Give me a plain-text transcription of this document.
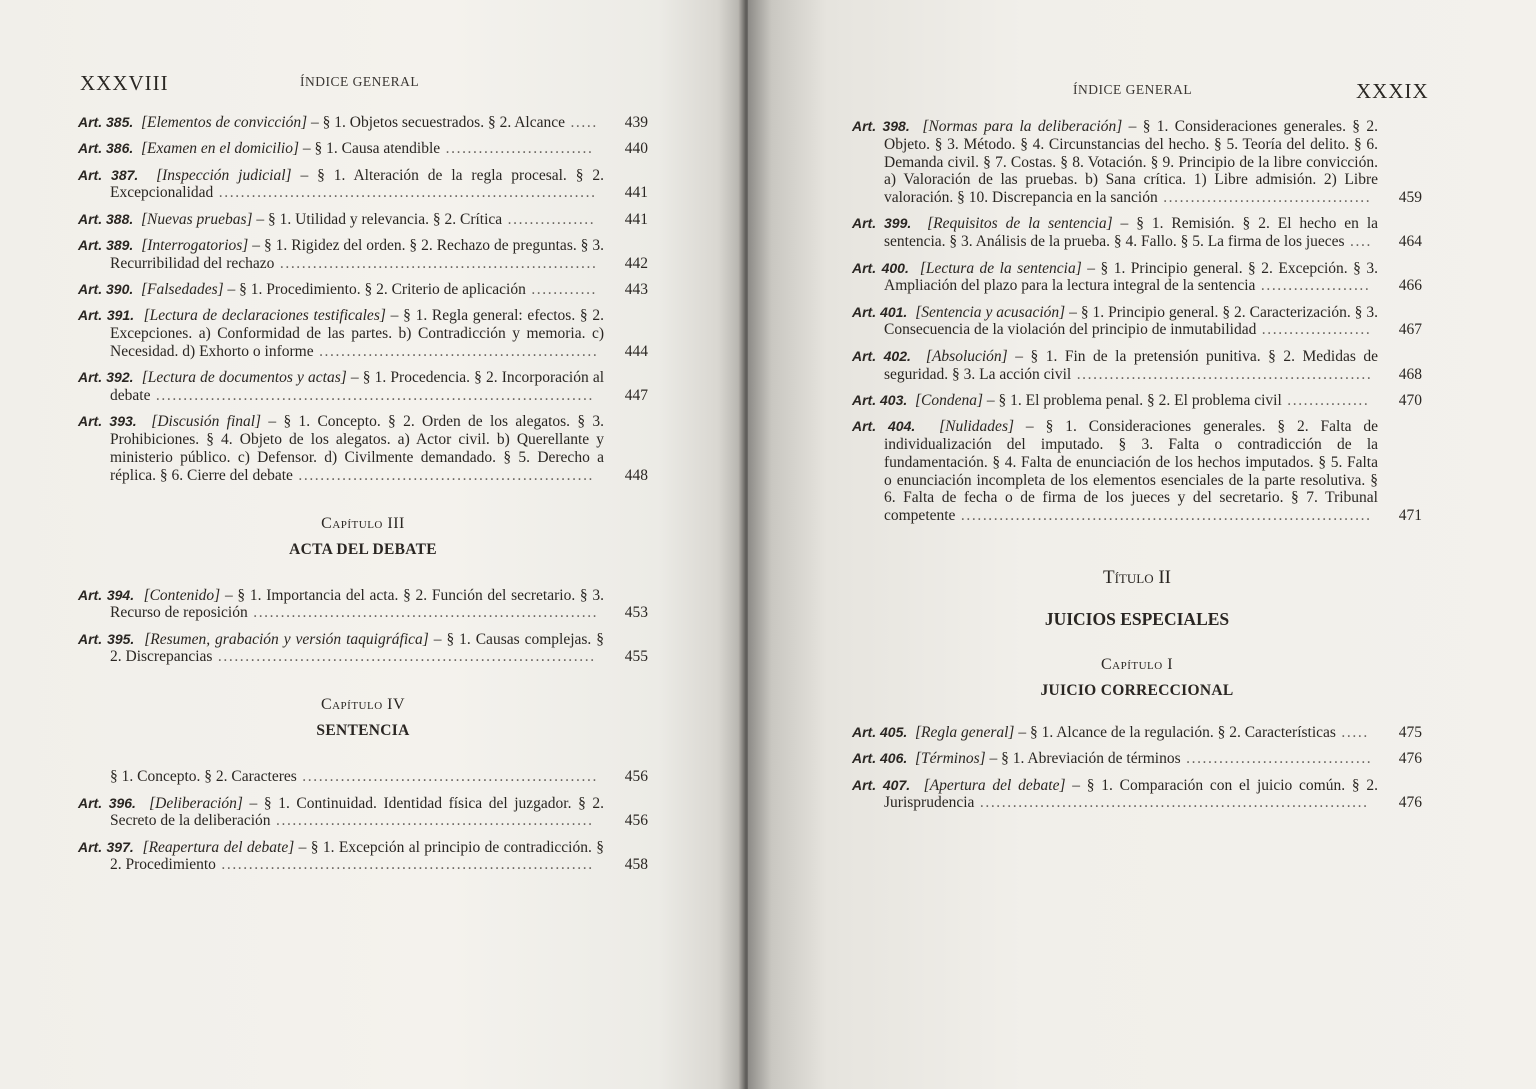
XXXVIII	ÍNDICE GENERAL
Art. 385. [Elementos de convicción] – § 1. Objetos secuestrados. § 2. Alcance .....	439
Art. 386. [Examen en el domicilio] – § 1. Causa atendible ...........................	440
Art. 387. [Inspección judicial] – § 1. Alteración de la regla procesal. § 2. Excepcionalidad .....................................................................	441
Art. 388. [Nuevas pruebas] – § 1. Utilidad y relevancia. § 2. Crítica ................	441
Art. 389. [Interrogatorios] – § 1. Rigidez del orden. § 2. Rechazo de preguntas. § 3. Recurribilidad del rechazo ..........................................................	442
Art. 390. [Falsedades] – § 1. Procedimiento. § 2. Criterio de aplicación ............	443
Art. 391. [Lectura de declaraciones testificales] – § 1. Regla general: efectos. § 2. Excepciones. a) Conformidad de las partes. b) Contradicción y memoria. c) Necesidad. d) Exhorto o informe ...................................................	444
Art. 392. [Lectura de documentos y actas] – § 1. Procedencia. § 2. Incorporación al debate ................................................................................	447
Art. 393. [Discusión final] – § 1. Concepto. § 2. Orden de los alegatos. § 3. Prohibiciones. § 4. Objeto de los alegatos. a) Actor civil. b) Querellante y ministerio público. c) Defensor. d) Civilmente demandado. § 5. Derecho a réplica. § 6. Cierre del debate ......................................................	448
Capítulo III
ACTA DEL DEBATE
Art. 394. [Contenido] – § 1. Importancia del acta. § 2. Función del secretario. § 3. Recurso de reposición ...............................................................	453
Art. 395. [Resumen, grabación y versión taquigráfica] – § 1. Causas complejas. § 2. Discrepancias .....................................................................	455
Capítulo IV
SENTENCIA
§ 1. Concepto. § 2. Caracteres ......................................................	456
Art. 396. [Deliberación] – § 1. Continuidad. Identidad física del juzgador. § 2. Secreto de la deliberación ..........................................................	456
Art. 397. [Reapertura del debate] – § 1. Excepción al principio de contradicción. § 2. Procedimiento ....................................................................	458
ÍNDICE GENERAL	XXXIX
Art. 398. [Normas para la deliberación] – § 1. Consideraciones generales. § 2. Objeto. § 3. Método. § 4. Circunstancias del hecho. § 5. Teoría del delito. § 6. Demanda civil. § 7. Costas. § 8. Votación. § 9. Principio de la libre convicción. a) Valoración de las pruebas. b) Sana crítica. 1) Libre admisión. 2) Libre valoración. § 10. Discrepancia en la sanción ......................................	459
Art. 399. [Requisitos de la sentencia] – § 1. Remisión. § 2. El hecho en la sentencia. § 3. Análisis de la prueba. § 4. Fallo. § 5. La firma de los jueces ....	464
Art. 400. [Lectura de la sentencia] – § 1. Principio general. § 2. Excepción. § 3. Ampliación del plazo para la lectura integral de la sentencia ....................	466
Art. 401. [Sentencia y acusación] – § 1. Principio general. § 2. Caracterización. § 3. Consecuencia de la violación del principio de inmutabilidad ....................	467
Art. 402. [Absolución] – § 1. Fin de la pretensión punitiva. § 2. Medidas de seguridad. § 3. La acción civil ......................................................	468
Art. 403. [Condena] – § 1. El problema penal. § 2. El problema civil ...............	470
Art. 404. [Nulidades] – § 1. Consideraciones generales. § 2. Falta de individualización del imputado. § 3. Falta o contradicción de la fundamentación. § 4. Falta de enunciación de los hechos imputados. § 5. Falta o enunciación incompleta de los elementos esenciales de la parte resolutiva. § 6. Falta de fecha o de firma de los jueces y del secretario. § 7. Tribunal competente ...........................................................................	471
Título II
JUICIOS ESPECIALES
Capítulo I
JUICIO CORRECCIONAL
Art. 405. [Regla general] – § 1. Alcance de la regulación. § 2. Características .....	475
Art. 406. [Términos] – § 1. Abreviación de términos ..................................	476
Art. 407. [Apertura del debate] – § 1. Comparación con el juicio común. § 2. Jurisprudencia .......................................................................	476
